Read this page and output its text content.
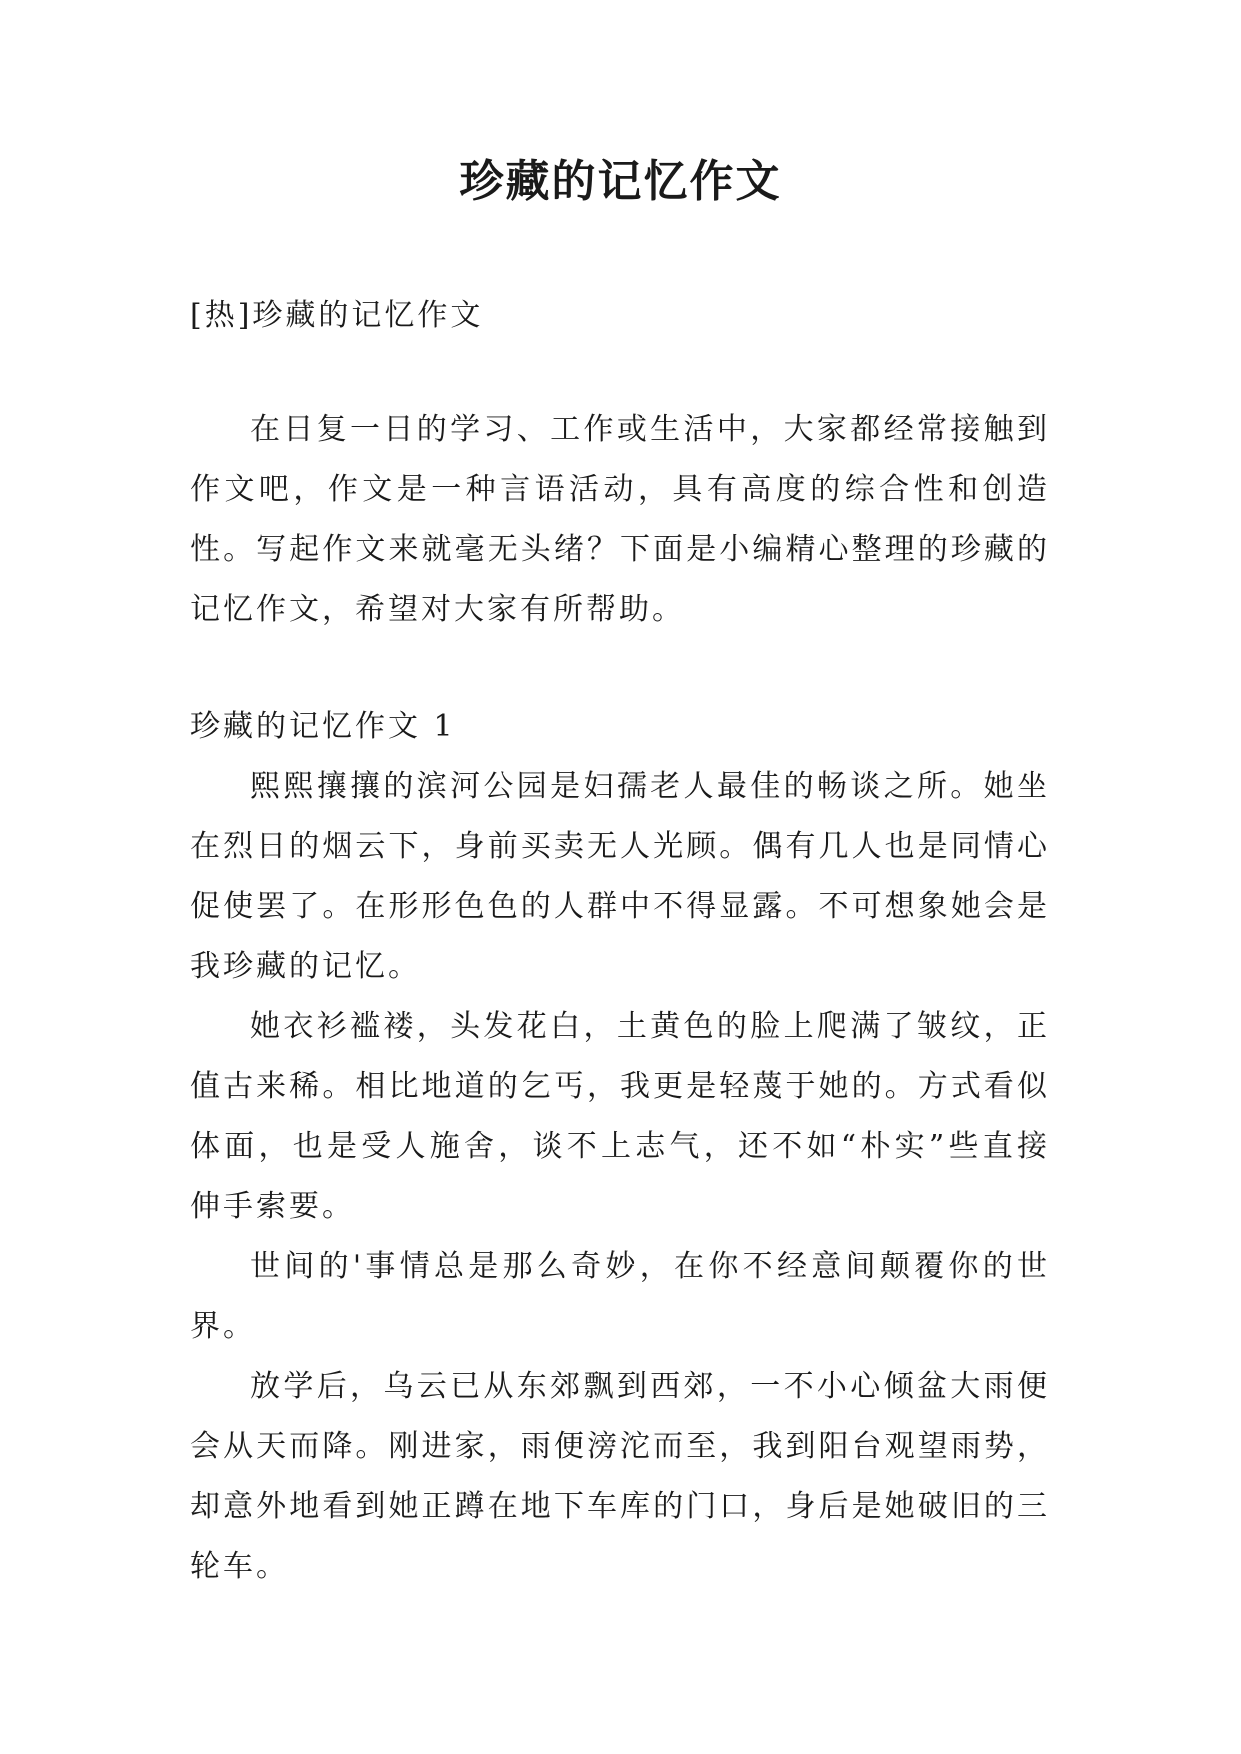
珍藏的记忆作文
[热]珍藏的记忆作文

在日复一日的学习、工作或生活中，大家都经常接触到作文吧，作文是一种言语活动，具有高度的综合性和创造性。写起作文来就毫无头绪？下面是小编精心整理的珍藏的记忆作文，希望对大家有所帮助。

珍藏的记忆作文 1

熙熙攘攘的滨河公园是妇孺老人最佳的畅谈之所。她坐在烈日的烟云下，身前买卖无人光顾。偶有几人也是同情心促使罢了。在形形色色的人群中不得显露。不可想象她会是我珍藏的记忆。

她衣衫褴褛，头发花白，土黄色的脸上爬满了皱纹，正值古来稀。相比地道的乞丐，我更是轻蔑于她的。方式看似体面，也是受人施舍，谈不上志气，还不如“朴实”些直接伸手索要。

世间的'事情总是那么奇妙，在你不经意间颠覆你的世界。

放学后，乌云已从东郊飘到西郊，一不小心倾盆大雨便会从天而降。刚进家，雨便滂沱而至，我到阳台观望雨势，却意外地看到她正蹲在地下车库的门口，身后是她破旧的三轮车。
